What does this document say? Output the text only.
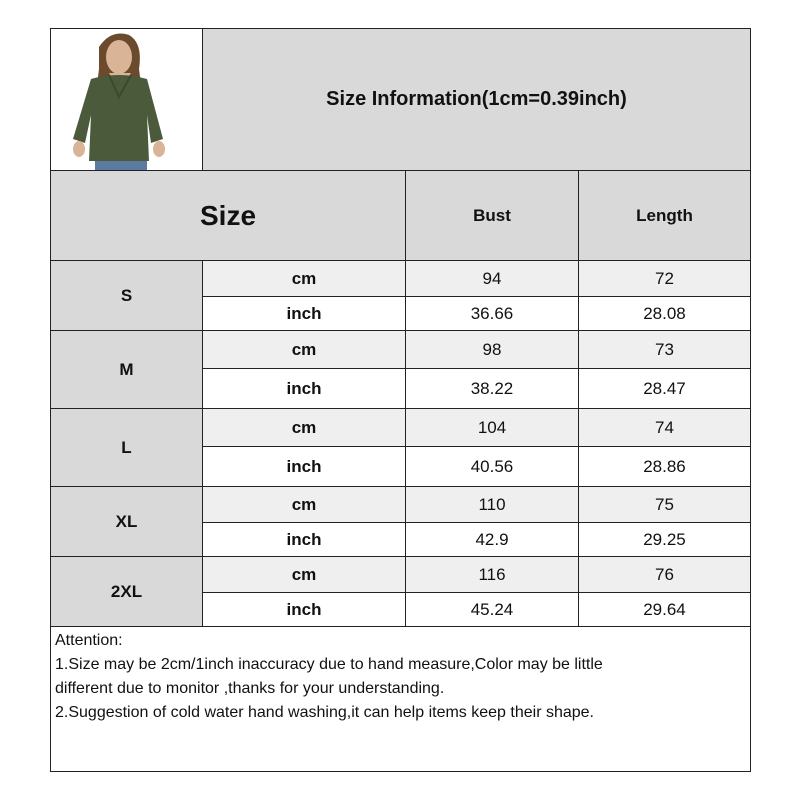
Size Information(1cm=0.39inch)
Size	Bust	Length
S
cm	94	72
inch	36.66	28.08
M
cm	98	73
inch	38.22	28.47
L
cm	104	74
inch	40.56	28.86
XL
cm	110	75
inch	42.9	29.25
2XL
cm	116	76
inch	45.24	29.64
Attention:
1.Size may be 2cm/1inch inaccuracy due to hand measure,Color may be little
different due to monitor ,thanks for your understanding.
2.Suggestion of cold water hand washing,it can help items keep their shape.
